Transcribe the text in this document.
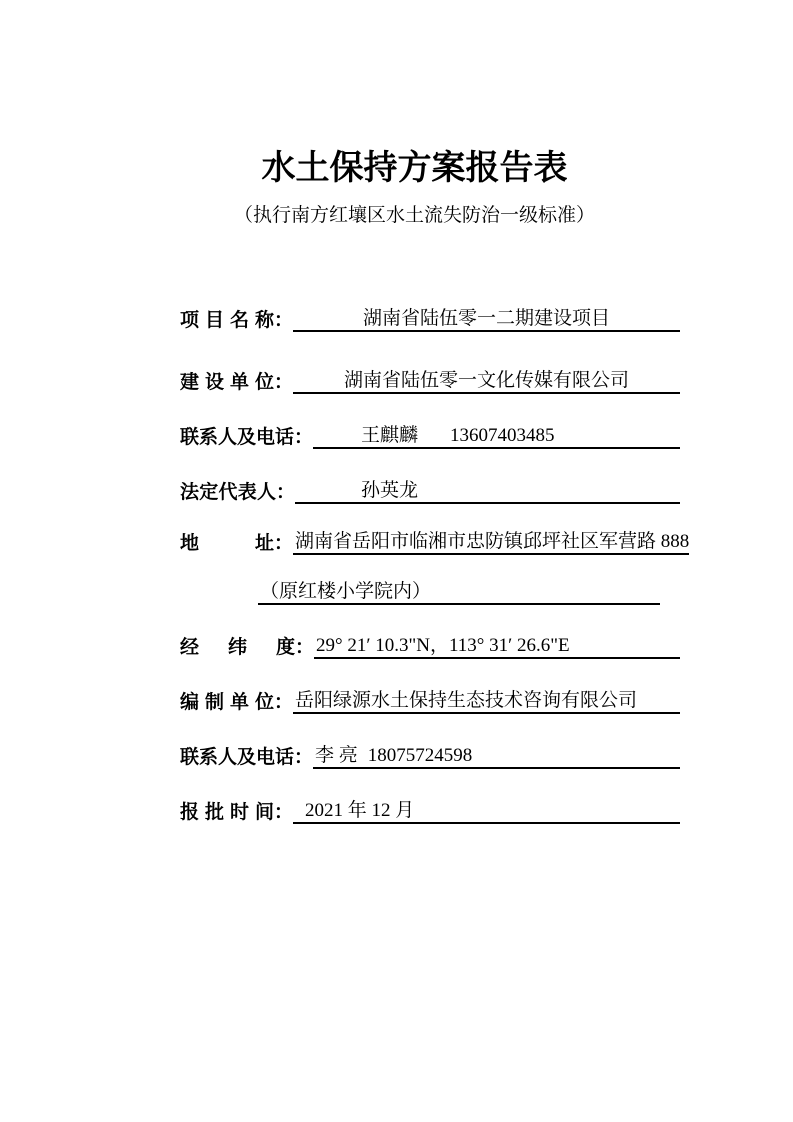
水土保持方案报告表
（执行南方红壤区水土流失防治一级标准）
项目名称：	湖南省陆伍零一二期建设项目
建设单位：	湖南省陆伍零一文化传媒有限公司
联系人及电话：	王麒麟 13607403485
法定代表人：	孙英龙
地址： 湖南省岳阳市临湘市忠防镇邱坪社区军营路 888
（原红楼小学院内）
经纬度： 29° 21′ 10.3"N，113° 31′ 26.6"E
编制单位： 岳阳绿源水土保持生态技术咨询有限公司
联系人及电话： 李 亮 18075724598
报批时间： 2021 年 12 月
